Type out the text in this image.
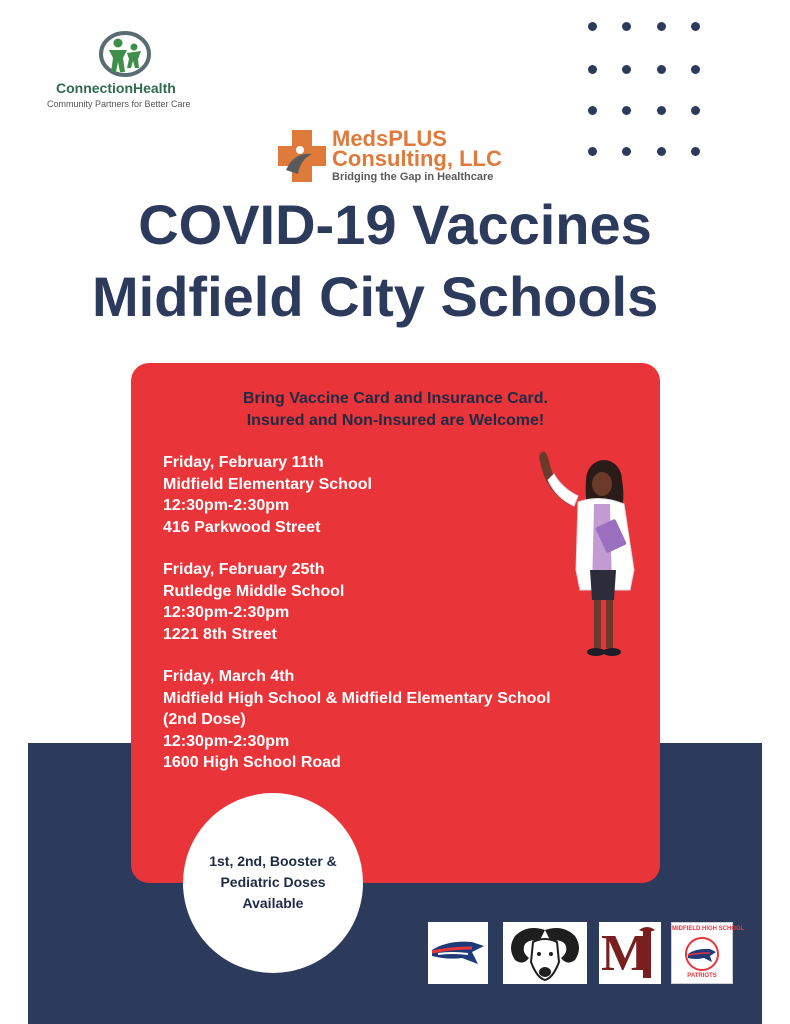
ConnectionHealth
Community Partners for Better Care
MedsPLUS
Consulting, LLC
Bridging the Gap in Healthcare
COVID-19 Vaccines
Midfield City Schools
Bring Vaccine Card and Insurance Card.
Insured and Non-Insured are Welcome!
Friday, February 11th
Midfield Elementary School
12:30pm-2:30pm
416 Parkwood Street
Friday, February 25th
Rutledge Middle School
12:30pm-2:30pm
1221 8th Street
Friday, March 4th
Midfield High School & Midfield Elementary School
(2nd Dose)
12:30pm-2:30pm
1600 High School Road
1st, 2nd, Booster &
Pediatric Doses
Available
M	MIDFIELD HIGH SCHOOL
PATRIOTS
